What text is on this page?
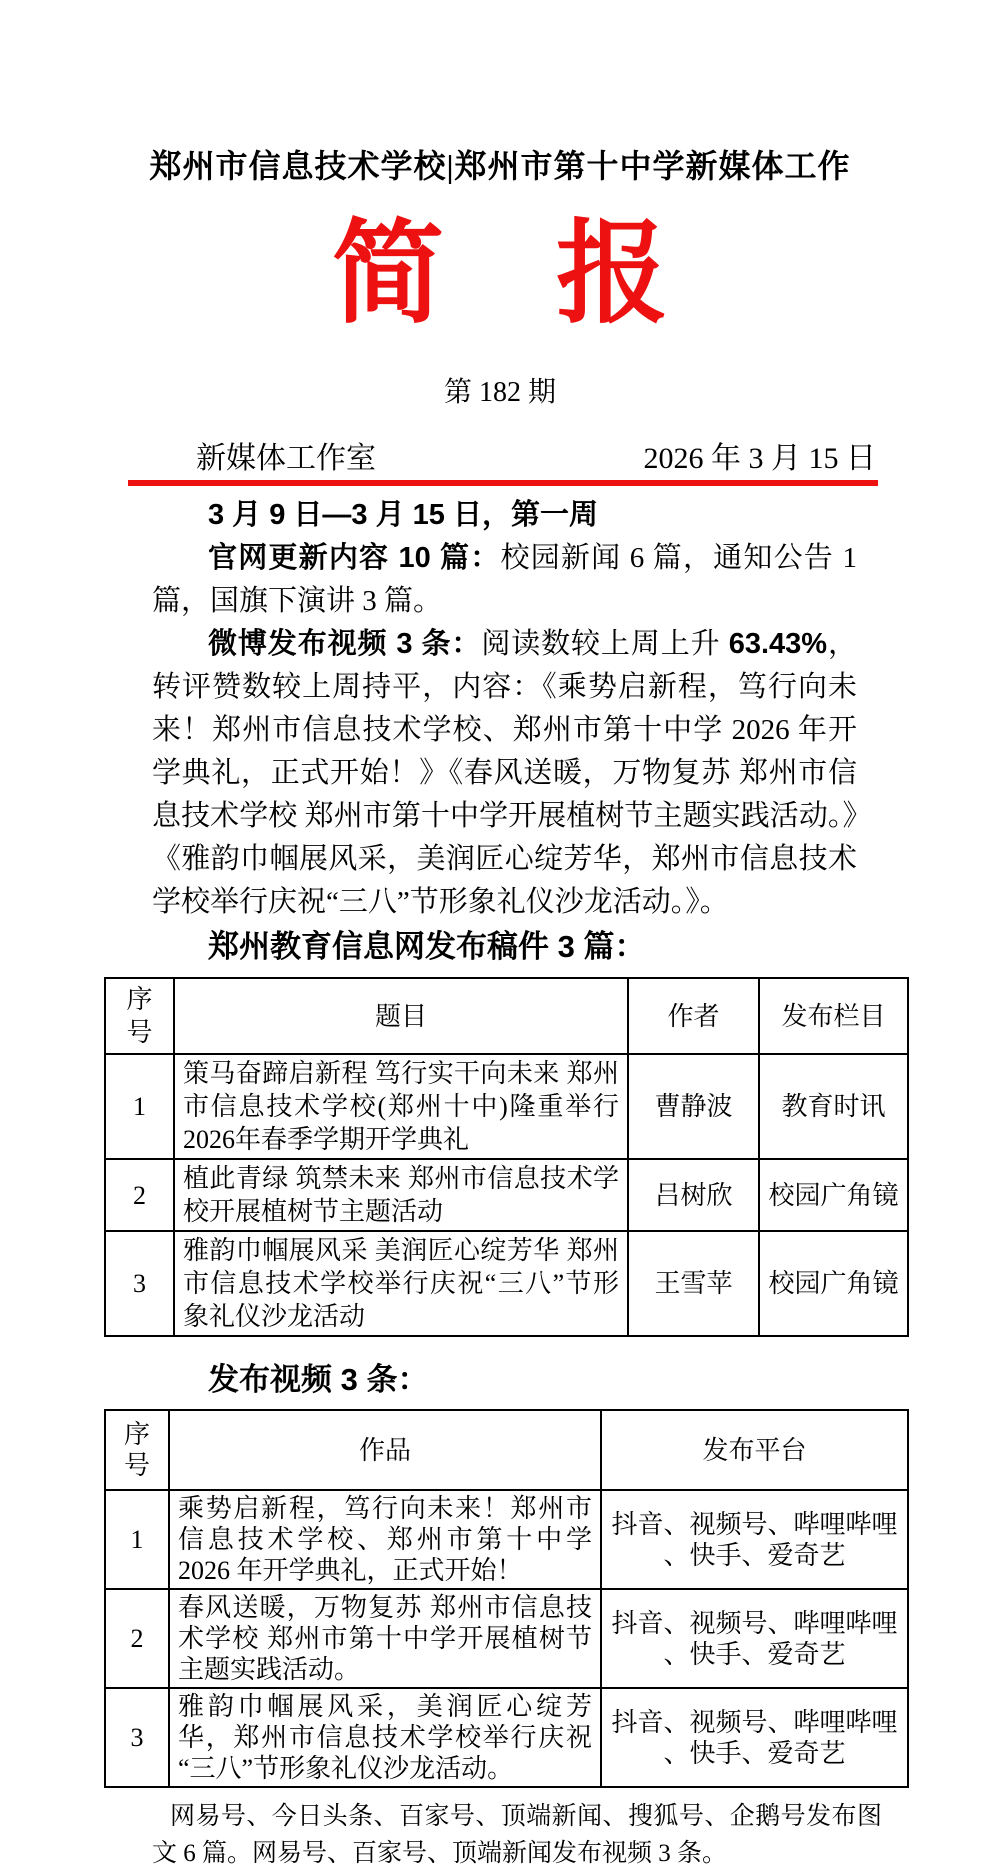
郑州市信息技术学校|郑州市第十中学新媒体工作
简　报
第 182 期
新媒体工作室	2026 年 3 月 15 日

3 月 9 日—3 月 15 日，第一周

官网更新内容 10 篇：校园新闻 6 篇，通知公告 1 篇，国旗下演讲 3 篇。

微博发布视频 3 条：阅读数较上周上升 63.43%，转评赞数较上周持平，内容：《乘势启新程，笃行向未来！郑州市信息技术学校、郑州市第十中学 2026 年开学典礼，正式开始！》《春风送暖，万物复苏 郑州市信息技术学校 郑州市第十中学开展植树节主题实践活动。》《雅韵巾帼展风采，美润匠心绽芳华，郑州市信息技术学校举行庆祝“三八”节形象礼仪沙龙活动。》。

郑州教育信息网发布稿件 3 篇：

序号	题目	作者	发布栏目
1	策马奋蹄启新程 笃行实干向未来 郑州市信息技术学校(郑州十中)隆重举行2026年春季学期开学典礼	曹静波	教育时讯
2	植此青绿 筑禁未来 郑州市信息技术学校开展植树节主题活动	吕树欣	校园广角镜
3	雅韵巾帼展风采 美润匠心绽芳华 郑州市信息技术学校举行庆祝“三八”节形象礼仪沙龙活动	王雪苹	校园广角镜

发布视频 3 条：

序号	作品	发布平台
1	乘势启新程，笃行向未来！郑州市信息技术学校、郑州市第十中学 2026 年开学典礼，正式开始！	抖音、视频号、哔哩哔哩 、快手、爱奇艺
2	春风送暖，万物复苏 郑州市信息技术学校 郑州市第十中学开展植树节主题实践活动。	抖音、视频号、哔哩哔哩 、快手、爱奇艺
3	雅韵巾帼展风采，美润匠心绽芳华，郑州市信息技术学校举行庆祝“三八”节形象礼仪沙龙活动。	抖音、视频号、哔哩哔哩 、快手、爱奇艺

网易号、今日头条、百家号、顶端新闻、搜狐号、企鹅号发布图文 6 篇。网易号、百家号、顶端新闻发布视频 3 条。
